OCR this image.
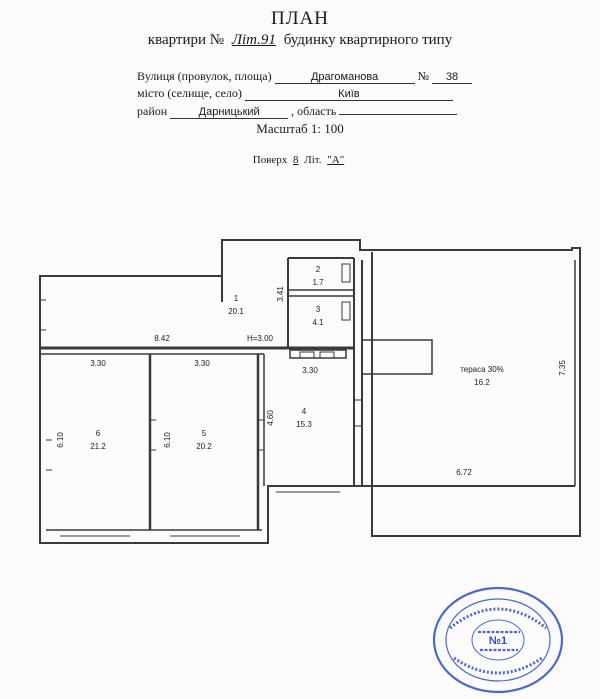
ПЛАН
квартири № Літ.91 будинку квартирного типу
Вулиця (провулок, площа)	Драгоманова	№ 38
місто (селище, село)	Київ
район	Дарницький	, область
Масштаб 1: 100
Поверх 8 Літ. "А"
1
20.1
2
1.7
3
4.1
4
15.3
5
20.2
6
21.2
тераса 30%
16.2
8.42	H=3.00
3.30	3.30
3.30
6.10	6.10
4.60
3.41
7.35
6.72
№1
